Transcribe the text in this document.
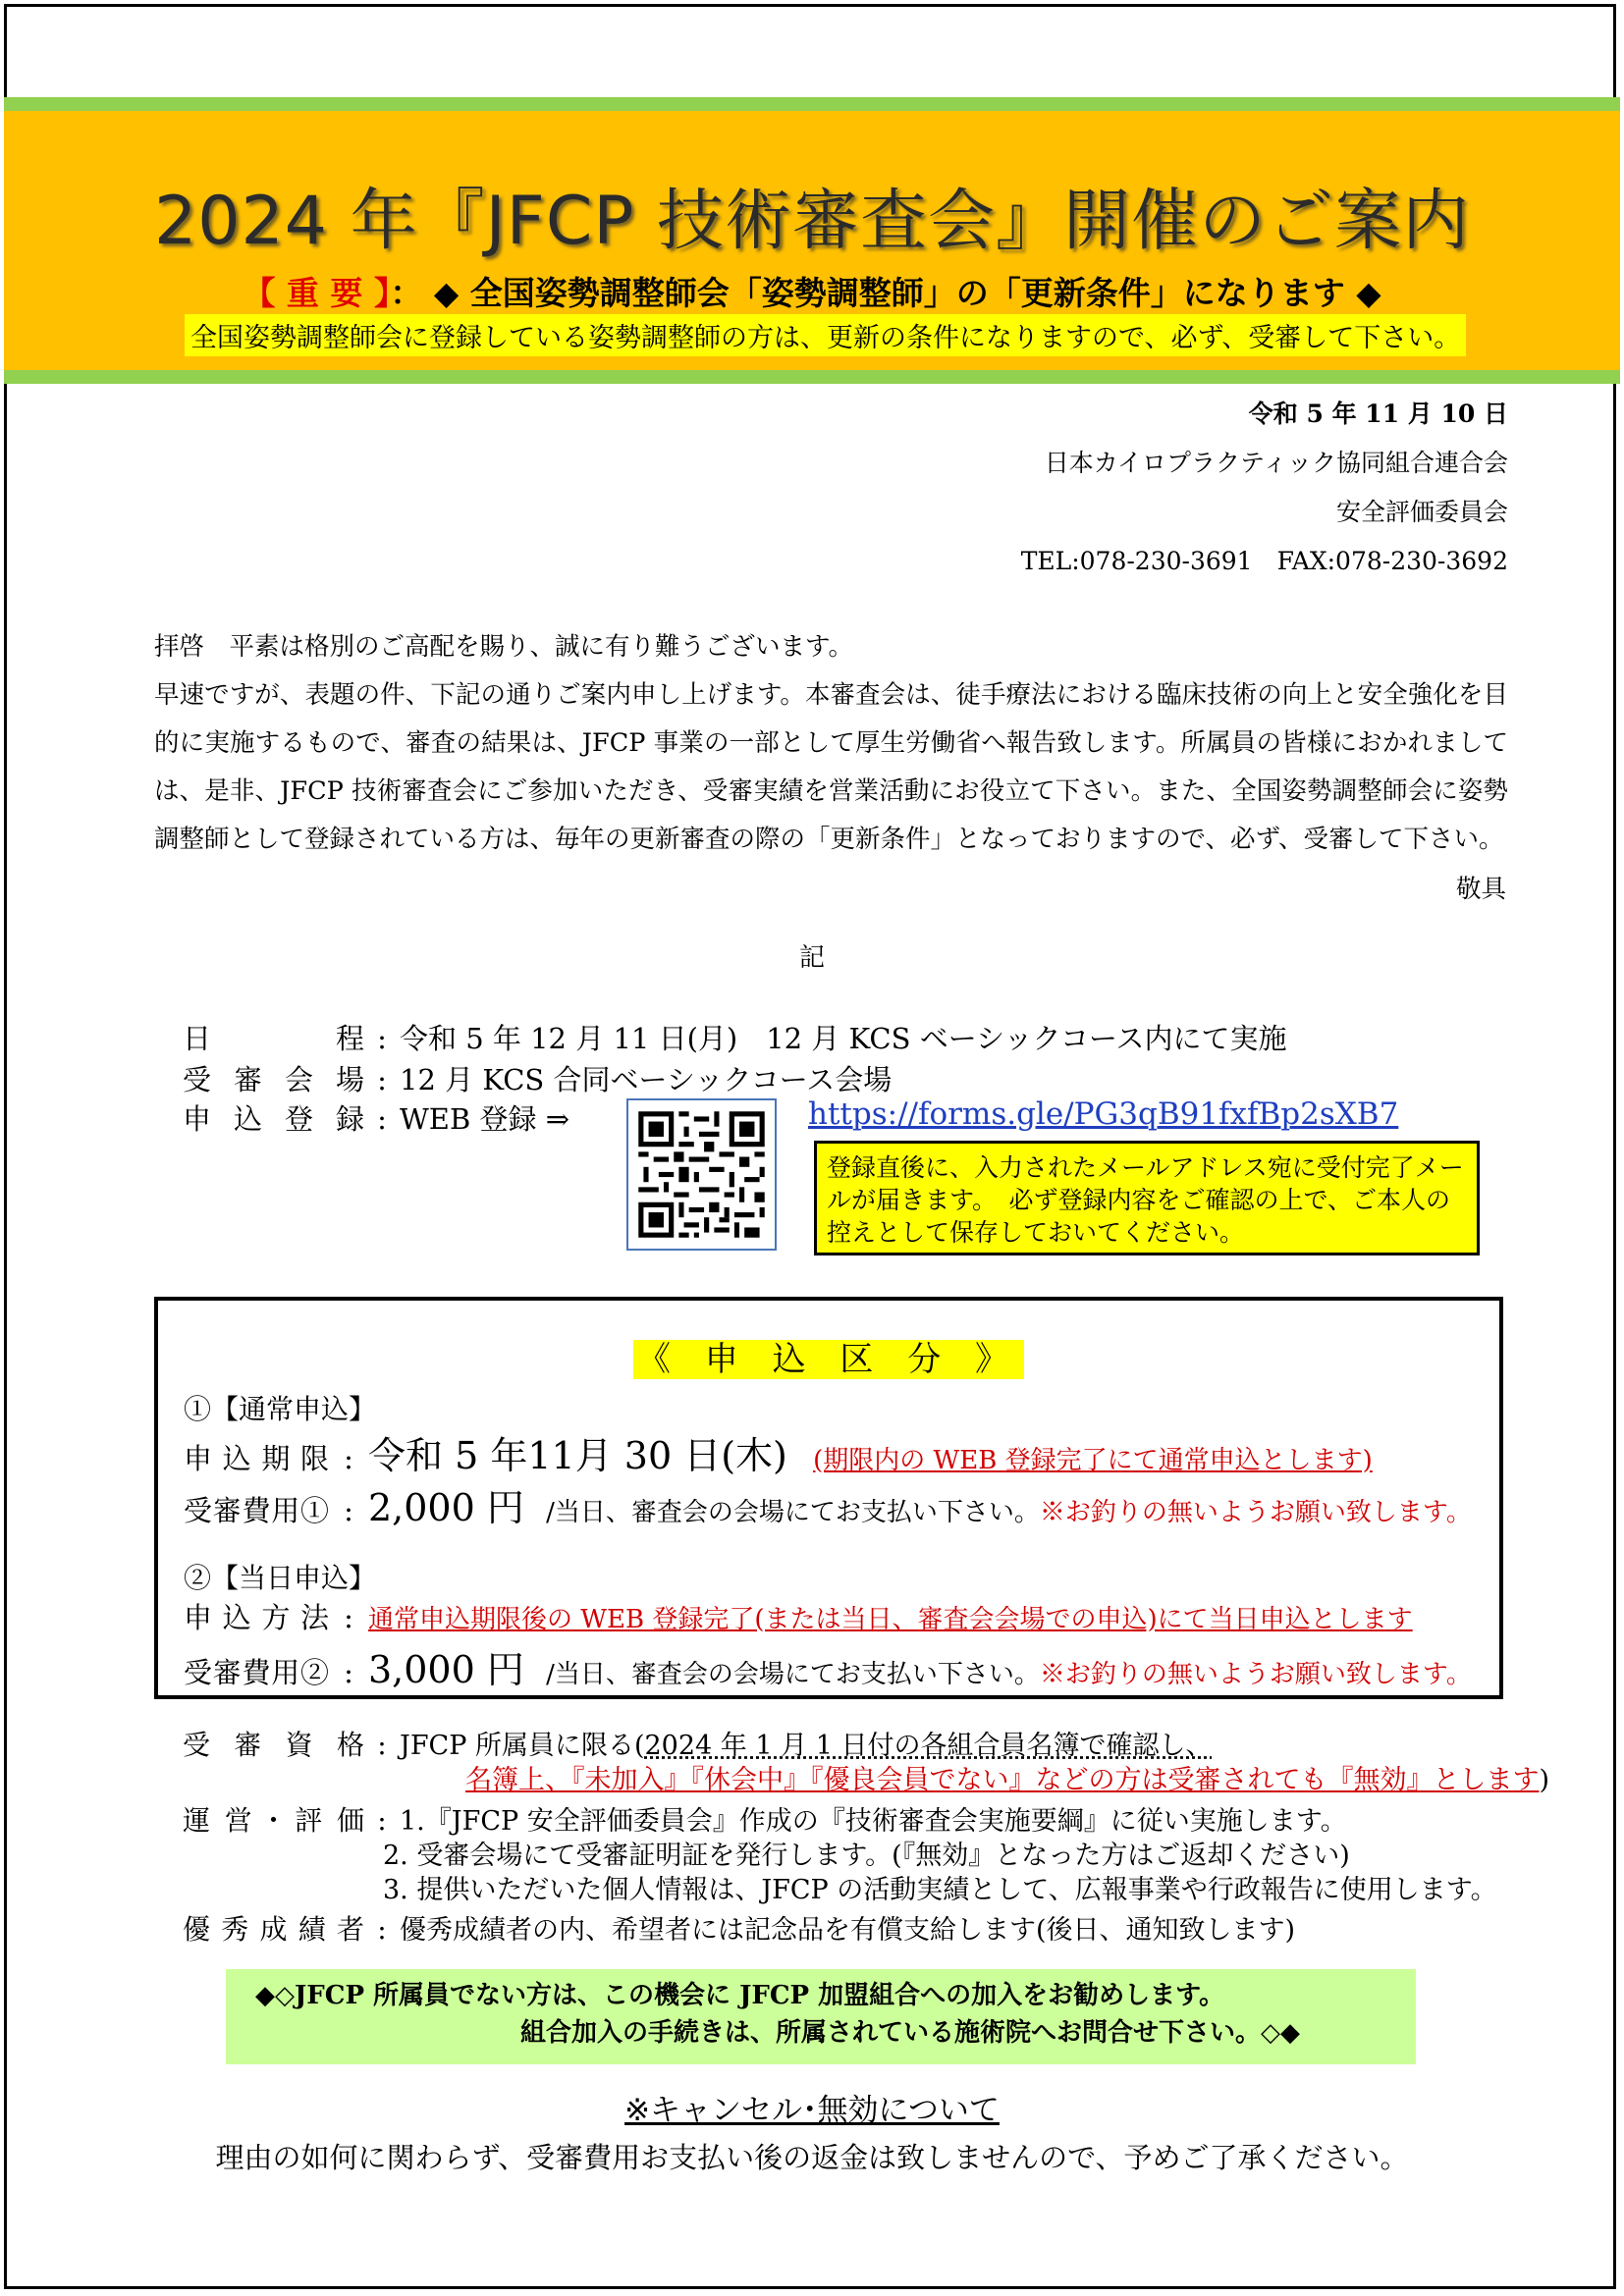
2024 年『JFCP 技術審査会』開催のご案内
【 重 要 】： ◆ 全国姿勢調整師会「姿勢調整師」の「更新条件」になります ◆
全国姿勢調整師会に登録している姿勢調整師の方は、更新の条件になりますので、必ず、受審して下さい。
令和 5 年 11 月 10 日
日本カイロプラクティック協同組合連合会
安全評価委員会
TEL:078-230-3691　FAX:078-230-3692
拝啓　平素は格別のご高配を賜り、誠に有り難うございます。
早速ですが、表題の件、下記の通りご案内申し上げます。本審査会は、徒手療法における臨床技術の向上と安全強化を目的に実施するもので、審査の結果は、JFCP 事業の一部として厚生労働省へ報告致します。所属員の皆様におかれましては、是非、JFCP 技術審査会にご参加いただき、受審実績を営業活動にお役立て下さい。また、全国姿勢調整師会に姿勢調整師として登録されている方は、毎年の更新審査の際の「更新条件」となっておりますので、必ず、受審して下さい。
敬具
記
日程 : 令和 5 年 12 月 11 日(月)　12 月 KCS ベーシックコース内にて実施
受審会場 : 12 月 KCS 合同ベーシックコース会場
申込登録 : WEB 登録 ⇒	https://forms.gle/PG3qB91fxfBp2sXB7
登録直後に、入力されたメールアドレス宛に受付完了メールが届きます。　必ず登録内容をご確認の上で、ご本人の控えとして保存しておいてください。
《 申 込 区 分 》
①【通常申込】
申込期限 : 令和 5 年11月 30 日(木) (期限内の WEB 登録完了にて通常申込とします)
受審費用① : 2,000 円 /当日、審査会の会場にてお支払い下さい。※お釣りの無いようお願い致します。
②【当日申込】
申込方法 : 通常申込期限後の WEB 登録完了(または当日、審査会会場での申込)にて当日申込とします
受審費用② : 3,000 円 /当日、審査会の会場にてお支払い下さい。※お釣りの無いようお願い致します。
受審資格 : JFCP 所属員に限る(2024 年 1 月 1 日付の各組合員名簿で確認し、
名簿上、『未加入』『休会中』『優良会員でない』などの方は受審されても『無効』とします)
運営･評価 : 1.『JFCP 安全評価委員会』作成の『技術審査会実施要綱』に従い実施します。
2. 受審会場にて受審証明証を発行します。(『無効』となった方はご返却ください)
3. 提供いただいた個人情報は、JFCP の活動実績として、広報事業や行政報告に使用します。
優秀成績者 : 優秀成績者の内、希望者には記念品を有償支給します(後日、通知致します)
◆◇JFCP 所属員でない方は、この機会に JFCP 加盟組合への加入をお勧めします。
組合加入の手続きは、所属されている施術院へお問合せ下さい。◇◆
※キャンセル･無効について
理由の如何に関わらず、受審費用お支払い後の返金は致しませんので、予めご了承ください。
